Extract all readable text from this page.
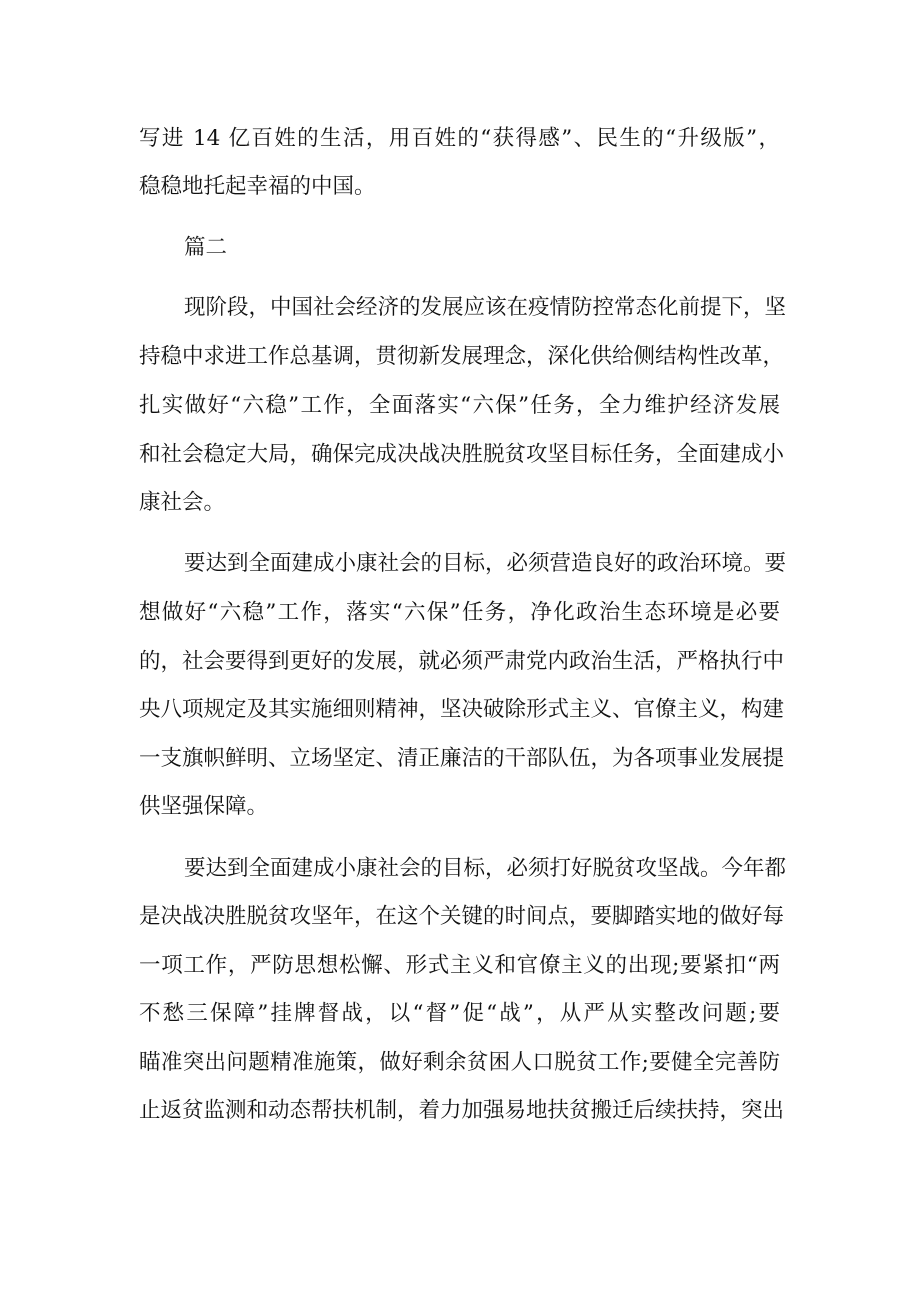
写进 14 亿百姓的生活，用百姓的“获得感”、民生的“升级版”，
稳稳地托起幸福的中国。
篇二
现阶段，中国社会经济的发展应该在疫情防控常态化前提下，坚
持稳中求进工作总基调，贯彻新发展理念，深化供给侧结构性改革，
扎实做好“六稳”工作，全面落实“六保”任务，全力维护经济发展
和社会稳定大局，确保完成决战决胜脱贫攻坚目标任务，全面建成小
康社会。
要达到全面建成小康社会的目标，必须营造良好的政治环境。要
想做好“六稳”工作，落实“六保”任务，净化政治生态环境是必要
的，社会要得到更好的发展，就必须严肃党内政治生活，严格执行中
央八项规定及其实施细则精神，坚决破除形式主义、官僚主义，构建
一支旗帜鲜明、立场坚定、清正廉洁的干部队伍，为各项事业发展提
供坚强保障。
要达到全面建成小康社会的目标，必须打好脱贫攻坚战。今年都
是决战决胜脱贫攻坚年，在这个关键的时间点，要脚踏实地的做好每
一项工作，严防思想松懈、形式主义和官僚主义的出现;要紧扣“两
不愁三保障”挂牌督战，以“督”促“战”，从严从实整改问题;要
瞄准突出问题精准施策，做好剩余贫困人口脱贫工作;要健全完善防
止返贫监测和动态帮扶机制，着力加强易地扶贫搬迁后续扶持，突出
